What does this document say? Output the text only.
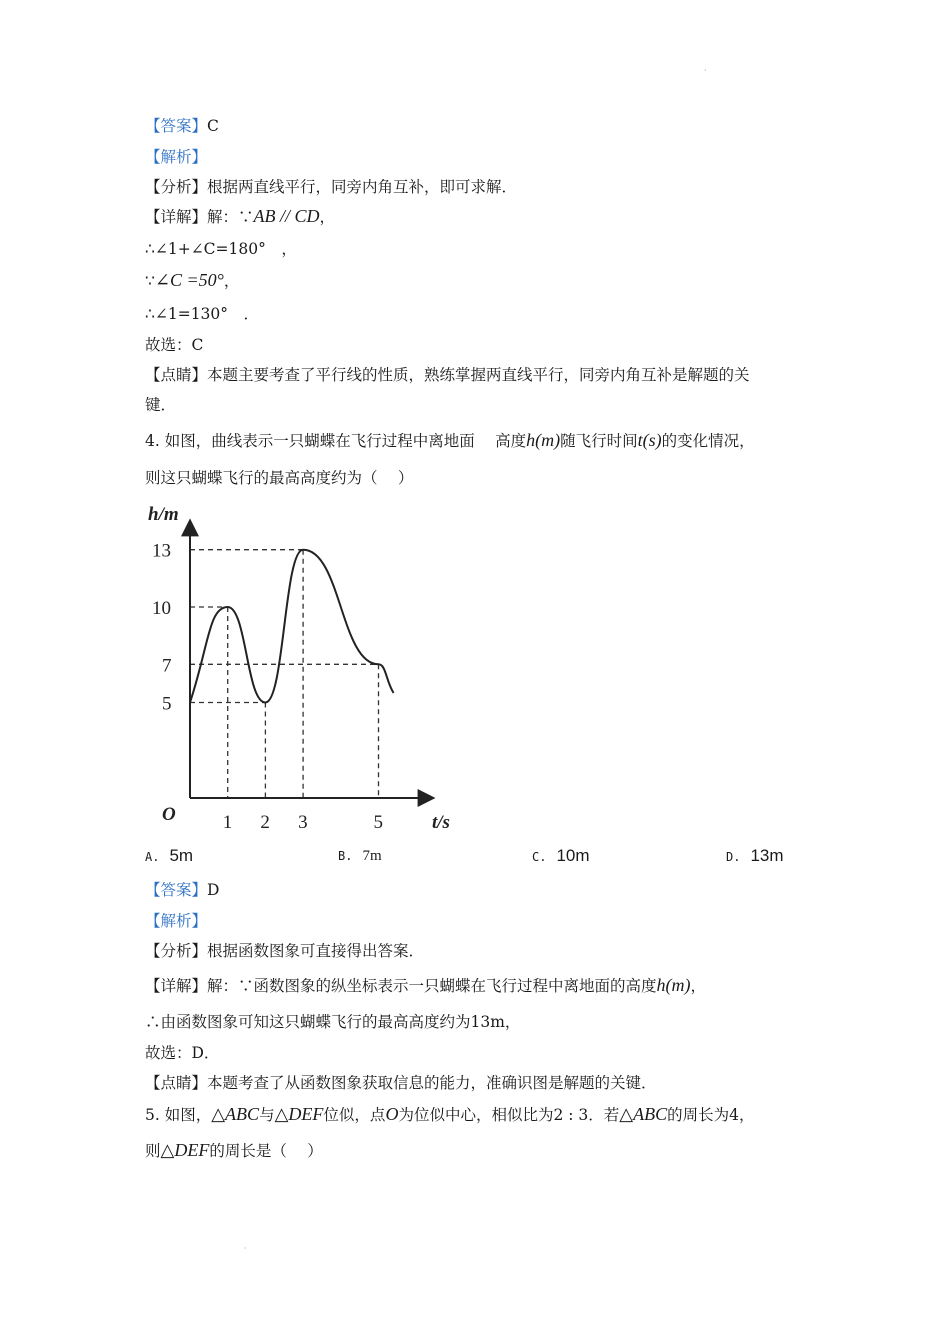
【答案】C
【解析】
【分析】根据两直线平行，同旁内角互补，即可求解．
【详解】解：∵AB // CD，
∴∠1+∠C=180°　，
∵∠C =50°，
∴∠1=130°　．
故选：C
【点睛】本题主要考查了平行线的性质，熟练掌握两直线平行，同旁内角互补是解题的关
键．
4. 如图，曲线表示一只蝴蝶在飞行过程中离地面　 高度h(m)随飞行时间t(s)的变化情况，
则这只蝴蝶飞行的最高高度约为（　 ）
h/m
t/s
O 1 2 3	5
5
7
10
13
A. 5m	B. 7m	C. 10m	D. 13m
【答案】D
【解析】
【分析】根据函数图象可直接得出答案．
【详解】解：∵函数图象的纵坐标表示一只蝴蝶在飞行过程中离地面的高度h(m)，
∴由函数图象可知这只蝴蝶飞行的最高高度约为13m，
故选：D．
【点睛】本题考查了从函数图象获取信息的能力，准确识图是解题的关键．
5. 如图，△ABC与△DEF位似，点O为位似中心，相似比为2 : 3．若△ABC的周长为4，
则△DEF的周长是（　 ）
·
·
